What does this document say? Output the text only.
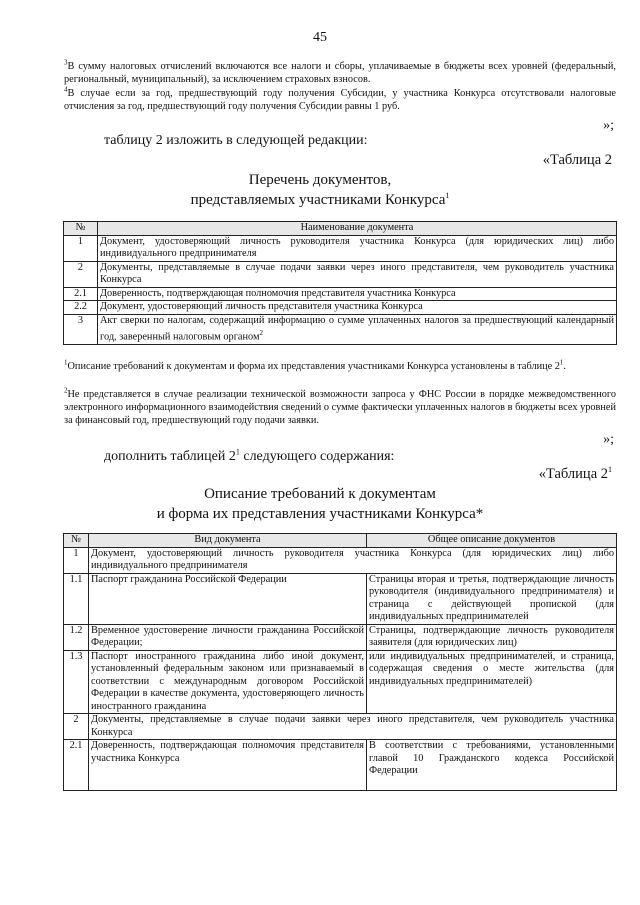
45
$^3$В сумму налоговых отчислений включаются все налоги и сборы, уплачиваемые в бюджеты всех уровней (федеральный, региональный, муниципальный), за исключением страховых взносов.
$^4$В случае если за год, предшествующий году получения Субсидии, у участника Конкурса отсутствовали налоговые отчисления за год, предшествующий году получения Субсидии равны 1 руб.
»;
таблицу 2 изложить в следующей редакции:
«Таблица 2
Перечень документов,
представляемых участниками Конкурса$^1$
№	Наименование документа
1	Документ, удостоверяющий личность руководителя участника Конкурса (для юридических лиц) либо индивидуального предпринимателя
2	Документы, представляемые в случае подачи заявки через иного представителя, чем руководитель участника Конкурса
2.1	Доверенность, подтверждающая полномочия представителя участника Конкурса
2.2	Документ, удостоверяющий личность представителя участника Конкурса
3	Акт сверки по налогам, содержащий информацию о сумме уплаченных налогов за предшествующий календарный год, заверенный налоговым органом$^2$
$^1$Описание требований к документам и форма их представления участниками Конкурса установлены в таблице $2^1$.
$^2$Не представляется в случае реализации технической возможности запроса у ФНС России в порядке межведомственного электронного информационного взаимодействия сведений о сумме фактически уплаченных налогов в бюджеты всех уровней за финансовый год, предшествующий году подачи заявки.
»;
дополнить таблицей $2^1$ следующего содержания:
«Таблица $2^1$
Описание требований к документам
и форма их представления участниками Конкурса*
№	Вид документа	Общее описание документов
1	Документ, удостоверяющий личность руководителя участника Конкурса (для юридических лиц) либо индивидуального предпринимателя	
1.1	Паспорт гражданина Российской Федерации	Страницы вторая и третья, подтверждающие личность руководителя (индивидуального предпринимателя) и страница с действующей пропиской (для индивидуальных предпринимателей
1.2	Временное удостоверение личности гражданина Российской Федерации;	Страницы, подтверждающие личность руководителя заявителя (для юридических лиц)
1.3	Паспорт иностранного гражданина либо иной документ, установленный федеральным законом или признаваемый в соответствии с международным договором Российской Федерации в качестве документа, удостоверяющего личность иностранного гражданина	или индивидуальных предпринимателей, и страница, содержащая сведения о месте жительства (для индивидуальных предпринимателей)
2	Документы, представляемые в случае подачи заявки через иного представителя, чем руководитель участника Конкурса	
2.1	Доверенность, подтверждающая полномочия представителя участника Конкурса	В соответствии с требованиями, установленными главой 10 Гражданского кодекса Российской Федерации
